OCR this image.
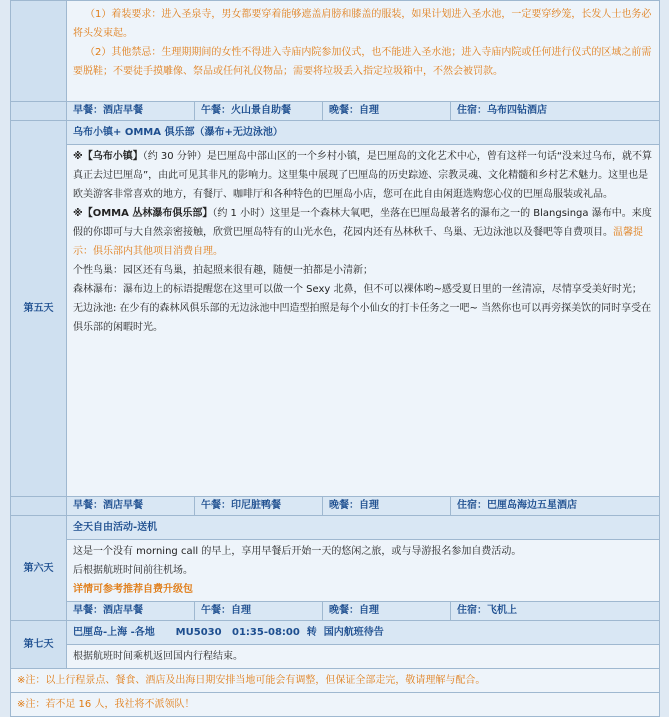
	（1）着装要求：进入圣泉寺，男女都要穿着能够遮盖肩膀和膝盖的服装，如果计划进入圣水池，一定要穿纱笼，长发人士也务必将头发束起。

（2）其他禁忌：生理期期间的女性不得进入寺庙内院参加仪式，也不能进入圣水池；进入寺庙内院或任何进行仪式的区域之前需要脱鞋；不要徒手摸雕像、祭品或任何礼仪物品；需要将垃圾丢入指定垃圾箱中，不然会被罚款。			

	早餐：酒店早餐	午餐：火山景自助餐	晚餐：自理	住宿：乌布四钻酒店
第五天	乌布小镇+ OMMA 俱乐部（瀑布+无边泳池）			

	※【乌布小镇】（约 30 分钟）是巴厘岛中部山区的一个乡村小镇，是巴厘岛的文化艺术中心，曾有这样一句话“没来过乌布，就不算真正去过巴厘岛”，由此可见其非凡的影响力。这里集中展现了巴厘岛的历史踪迹、宗教灵魂、文化精髓和乡村艺术魅力。这里也是欧美游客非常喜欢的地方，有餐厅、咖啡厅和各种特色的巴厘岛小店，您可在此自由闲逛选购您心仪的巴厘岛服装或礼品。

※【OMMA 丛林瀑布俱乐部】（约 1 小时）这里是一个森林大氧吧，坐落在巴厘岛最著名的瀑布之一的 Blangsinga 瀑布中。来度假的你即可与大自然亲密接触，欣赏巴厘岛特有的山光水色，花园内还有丛林秋千、鸟巢、无边泳池以及餐吧等自费项目。温馨提示：俱乐部内其他项目消费自理。

个性鸟巢：园区还有鸟巢，拍起照来很有趣，随便一拍都是小清新；

森林瀑布：瀑布边上的标语提醒您在这里可以做一个 Sexy 北鼻，但不可以裸体哟~感受夏日里的一丝清凉，尽情享受美好时光；

无边泳池: 在少有的森林风俱乐部的无边泳池中凹造型拍照是每个小仙女的打卡任务之一吧~ 当然你也可以再旁探美饮的同时享受在俱乐部的闲暇时光。			

	早餐：酒店早餐	午餐：印尼脏鸭餐	晚餐：自理	住宿：巴厘岛海边五星酒店
第六天	全天自由活动-送机			

	这是一个没有 morning call 的早上，享用早餐后开始一天的悠闲之旅，或与导游报名参加自费活动。

后根据航班时间前往机场。

详情可参考推荐自费升级包			

	早餐：酒店早餐	午餐：自理	晚餐：自理	住宿：飞机上
第七天	巴厘岛-上海 -各地      MU5030   01:35-08:00  转  国内航班待告			
	根据航班时间乘机返回国内行程结束。			
※注：以上行程景点、餐食、酒店及出海日期安排当地可能会有调整，但保证全部走完，敬请理解与配合。				
※注：若不足 16 人，我社将不派领队！				
